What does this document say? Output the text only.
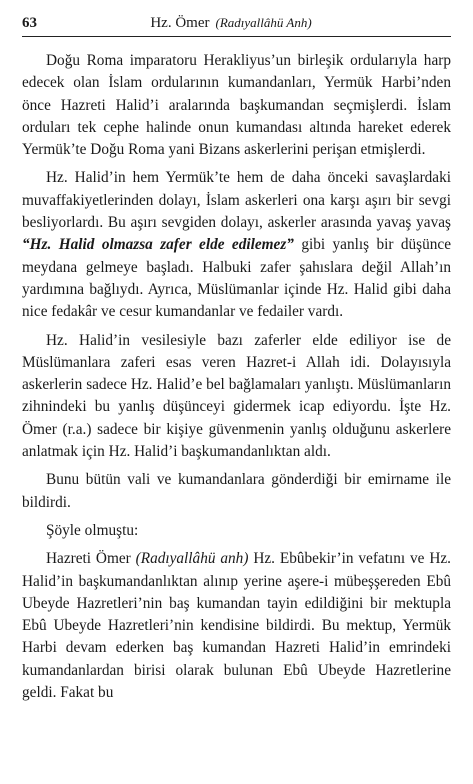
63	Hz. Ömer (Radıyallâhü Anh)

Doğu Roma imparatoru Herakliyus’un birleşik ordularıyla harp edecek olan İslam ordularının kumandanları, Yermük Harbi’nden önce Hazreti Halid’i aralarında başkumandan seçmişlerdi. İslam orduları tek cephe halinde onun kumandası altında hareket ederek Yermük’te Doğu Roma yani Bizans askerlerini perişan etmişlerdi.

Hz. Halid’in hem Yermük’te hem de daha önceki savaşlardaki muvaffakiyetlerinden dolayı, İslam askerleri ona karşı aşırı bir sevgi besliyorlardı. Bu aşırı sevgiden dolayı, askerler arasında yavaş yavaş “Hz. Halid olmazsa zafer elde edilemez” gibi yanlış bir düşünce meydana gelmeye başladı. Halbuki zafer şahıslara değil Allah’ın yardımına bağlıydı. Ayrıca, Müslümanlar içinde Hz. Halid gibi daha nice fedakâr ve cesur kumandanlar ve fedailer vardı.

Hz. Halid’in vesilesiyle bazı zaferler elde ediliyor ise de Müslümanlara zaferi esas veren Hazret-i Allah idi. Dolayısıyla askerlerin sadece Hz. Halid’e bel bağlamaları yanlıştı. Müslümanların zihnindeki bu yanlış düşünceyi gidermek icap ediyordu. İşte Hz. Ömer (r.a.) sadece bir kişiye güvenmenin yanlış olduğunu askerlere anlatmak için Hz. Halid’i başkumandanlıktan aldı.

Bunu bütün vali ve kumandanlara gönderdiği bir emirname ile bildirdi.

Şöyle olmuştu:

Hazreti Ömer (Radıyallâhü anh) Hz. Ebûbekir’in vefatını ve Hz. Halid’in başkumandanlıktan alınıp yerine aşere-i mübeşşereden Ebû Ubeyde Hazretleri’nin baş kumandan tayin edildiğini bir mektupla Ebû Ubeyde Hazretleri’nin kendisine bildirdi. Bu mektup, Yermük Harbi devam ederken baş kumandan Hazreti Halid’in emrindeki kumandanlardan birisi olarak bulunan Ebû Ubeyde Hazretlerine geldi. Fakat bu
